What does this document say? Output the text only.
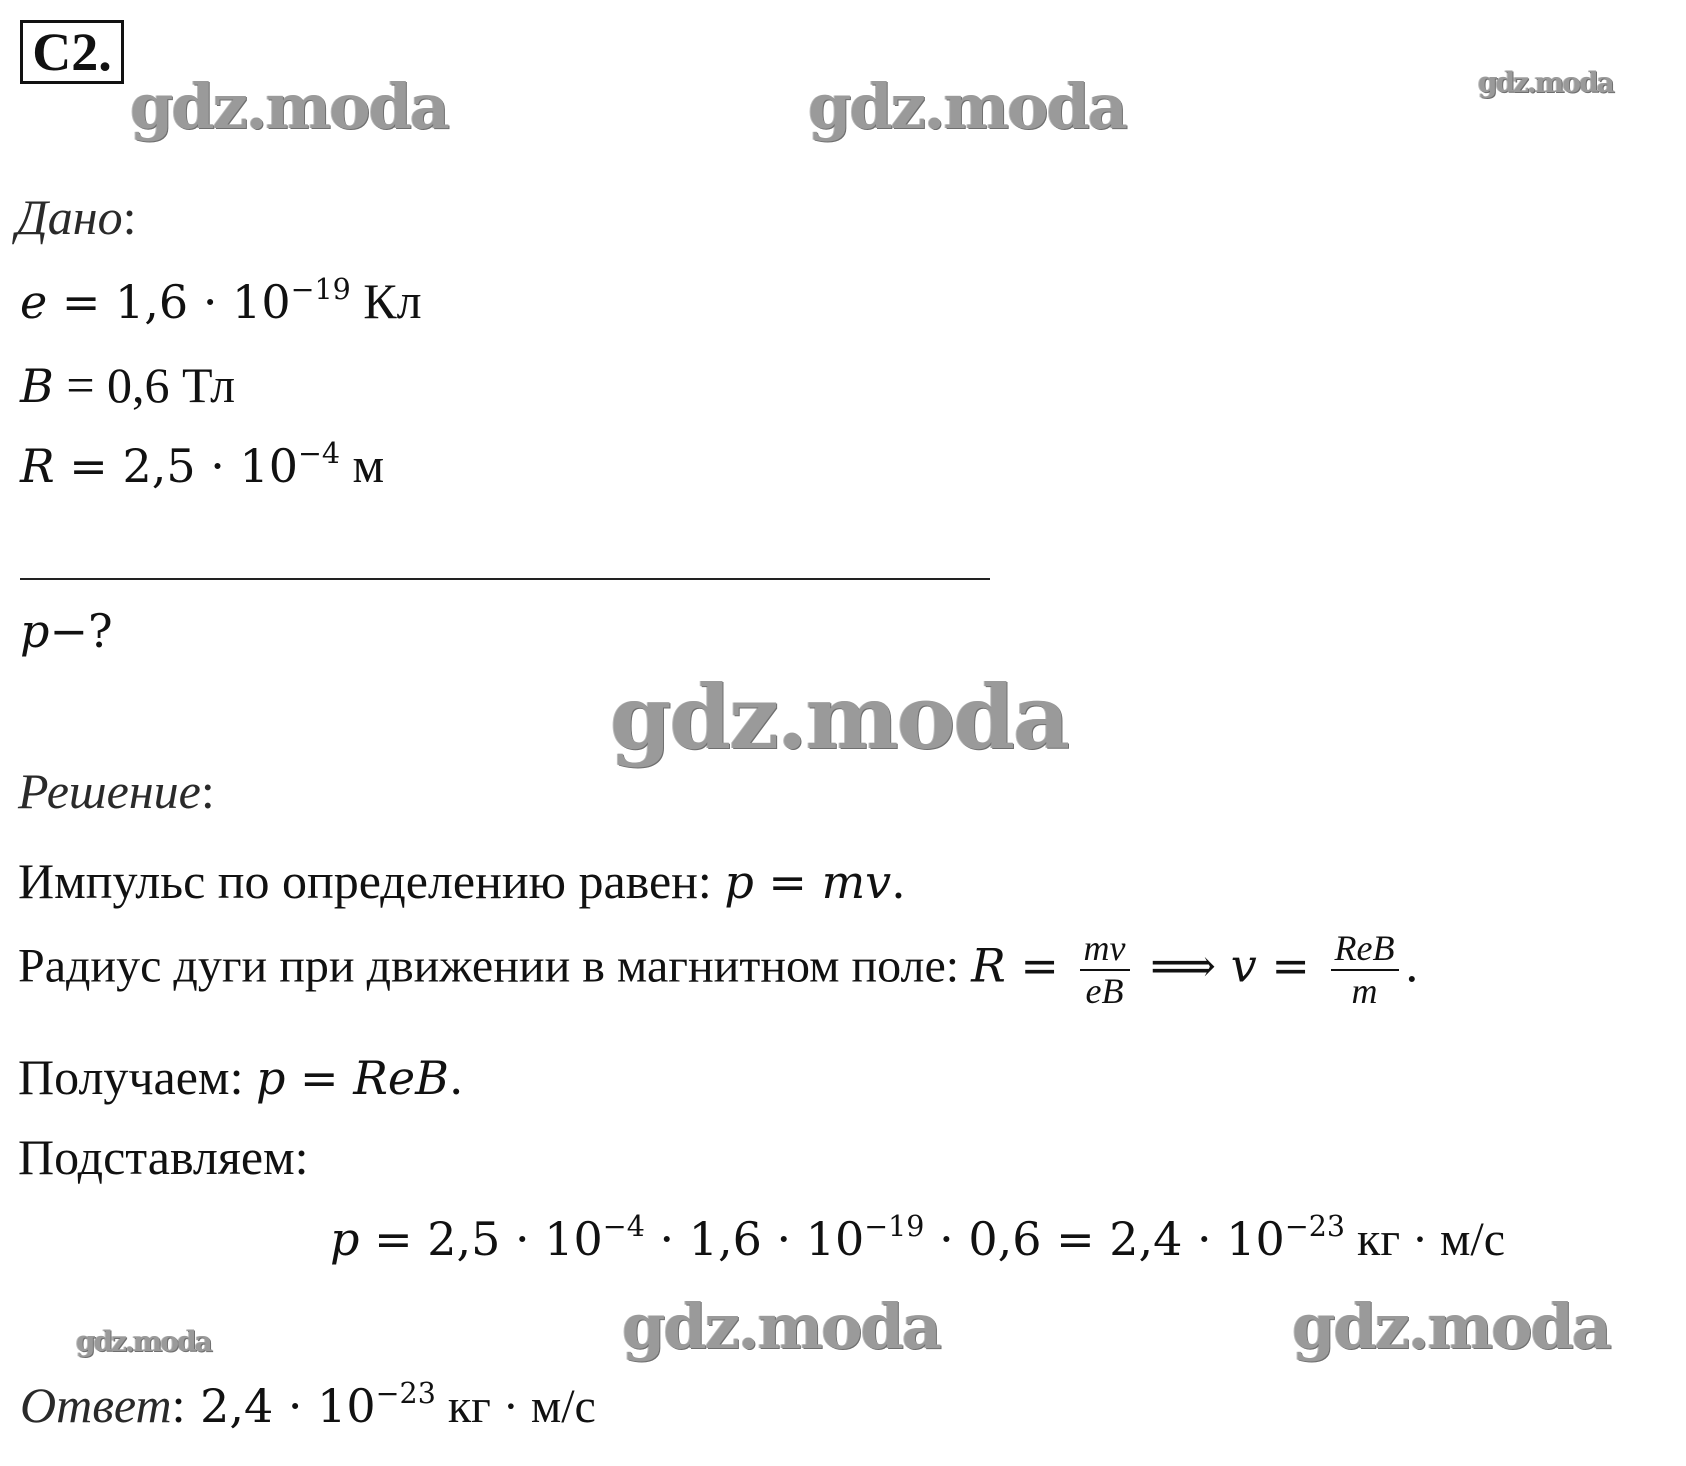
С2.
gdz.moda	gdz.moda	gdz.moda
gdz.moda
gdz.moda	gdz.moda	gdz.moda
Дано:
$e = 1,6 \cdot 10^{-19}$ Кл
B = 0,6 Тл
$R = 2,5 \cdot 10^{-4}$ м
p−?
Решение:
Импульс по определению равен: p = mv.
Радиус дуги при движении в магнитном поле: $R = \frac{mv}{eB}$ ⟹ $v = \frac{\text{ReB}}{m}$ .
Получаем: p = ReB.
Подставляем:
$p = 2,5 \cdot 10^{-4} \cdot 1,6 \cdot 10^{-19} \cdot 0,6 = 2,4 \cdot 10^{-23}$ кг · м/с
Ответ: $2,4 \cdot 10^{-23}$ кг · м/с
